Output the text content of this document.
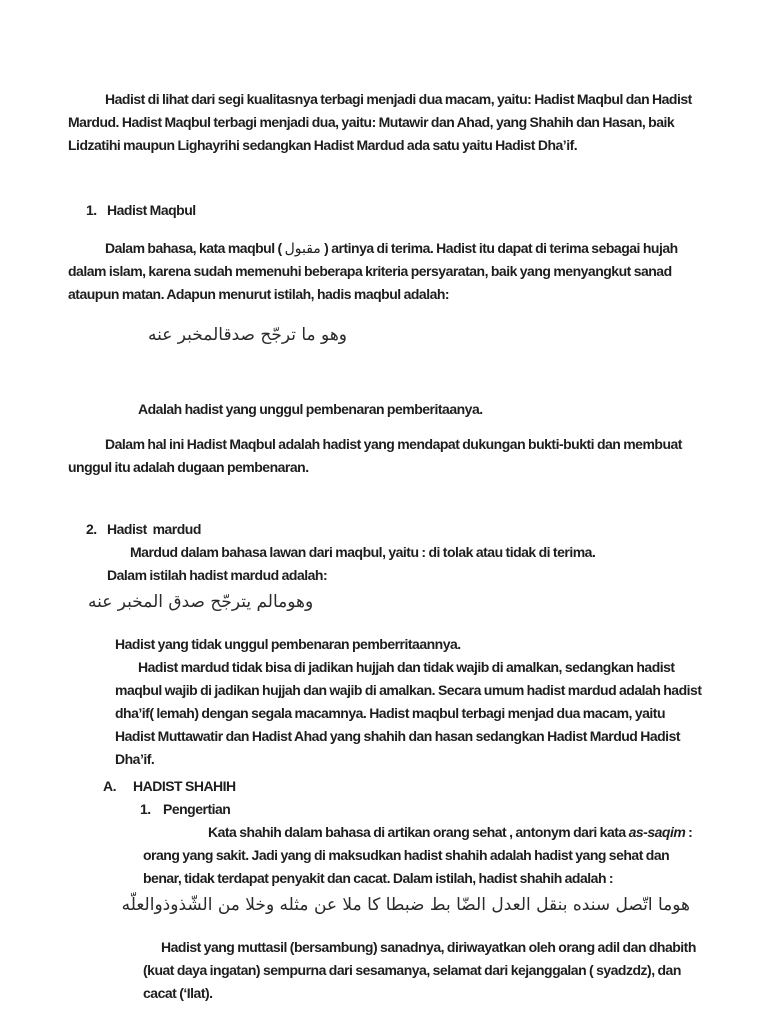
Hadist di lihat dari segi kualitasnya terbagi menjadi dua macam, yaitu: Hadist Maqbul dan Hadist Mardud. Hadist Maqbul terbagi menjadi dua, yaitu: Mutawir dan Ahad, yang Shahih dan Hasan, baik Lidzatihi maupun Lighayrihi sedangkan Hadist Mardud ada satu yaitu Hadist Dha’if.

1. Hadist Maqbul

Dalam bahasa, kata maqbul ( مقبول ) artinya di terima. Hadist itu dapat di terima sebagai hujah dalam islam, karena sudah memenuhi beberapa kriteria persyaratan, baik yang menyangkut sanad ataupun matan. Adapun menurut istilah, hadis maqbul adalah:

وهو ما ترجّح صدقالمخبر عنه

Adalah hadist yang unggul pembenaran pemberitaanya.

Dalam hal ini Hadist Maqbul adalah hadist yang mendapat dukungan bukti-bukti dan membuat unggul itu adalah dugaan pembenaran.

2. Hadist  mardud

Mardud dalam bahasa lawan dari maqbul, yaitu : di tolak atau tidak di terima.

Dalam istilah hadist mardud adalah:

وهومالم يترجّح صدق المخبر عنه

Hadist yang tidak unggul pembenaran pemberritaannya.

Hadist mardud tidak bisa di jadikan hujjah dan tidak wajib di amalkan, sedangkan hadist maqbul wajib di jadikan hujjah dan wajib di amalkan. Secara umum hadist mardud adalah hadist dha’if( lemah) dengan segala macamnya. Hadist maqbul terbagi menjad dua macam, yaitu Hadist Muttawatir dan Hadist Ahad yang shahih dan hasan sedangkan Hadist Mardud Hadist Dha’if.

A. HADIST SHAHIH

1. Pengertian

Kata shahih dalam bahasa di artikan orang sehat , antonym dari kata as-saqim : orang yang sakit. Jadi yang di maksudkan hadist shahih adalah hadist yang sehat dan benar, tidak terdapat penyakit dan cacat. Dalam istilah, hadist shahih adalah :

هوما اتّصل سنده بنقل العدل الضّا بط ضبطا كا ملا عن مثله وخلا من الشّذوذوالعلّه

Hadist yang muttasil (bersambung) sanadnya, diriwayatkan oleh orang adil dan dhabith (kuat daya ingatan) sempurna dari sesamanya, selamat dari kejanggalan ( syadzdz), dan cacat (‘Ilat).
